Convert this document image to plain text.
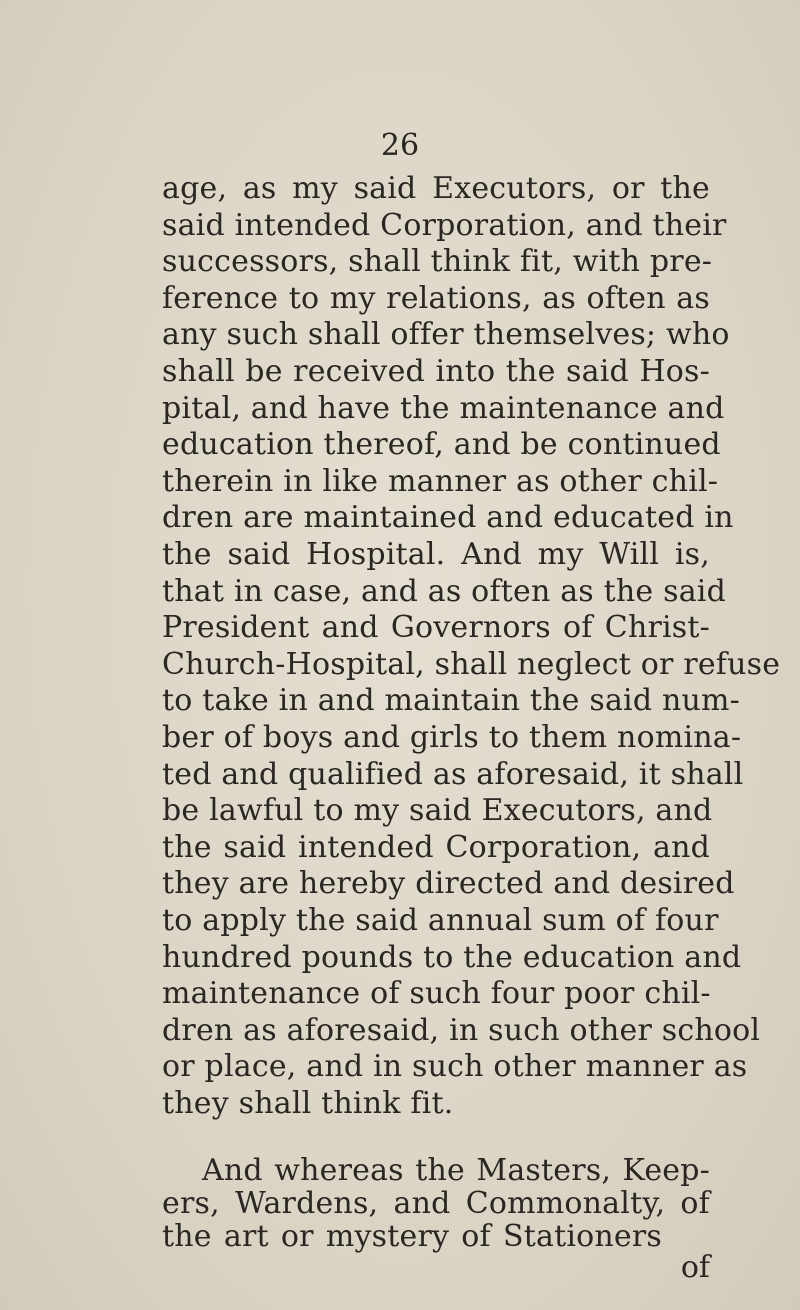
26
age, as my said Executors, or the
said intended Corporation, and their
successors, shall think fit, with pre-
ference to my relations, as often as
any such shall offer themselves; who
shall be received into the said Hos-
pital, and have the maintenance and
education thereof, and be continued
therein in like manner as other chil-
dren are maintained and educated in
the said Hospital. And my Will is,
that in case, and as often as the said
President and Governors of Christ-
Church-Hospital, shall neglect or refuse
to take in and maintain the said num-
ber of boys and girls to them nomina-
ted and qualified as aforesaid, it shall
be lawful to my said Executors, and
the said intended Corporation, and
they are hereby directed and desired
to apply the said annual sum of four
hundred pounds to the education and
maintenance of such four poor chil-
dren as aforesaid, in such other school
or place, and in such other manner as
they shall think fit.
And whereas the Masters, Keep-
ers, Wardens, and Commonalty, of
the art or mystery of Stationers
of
